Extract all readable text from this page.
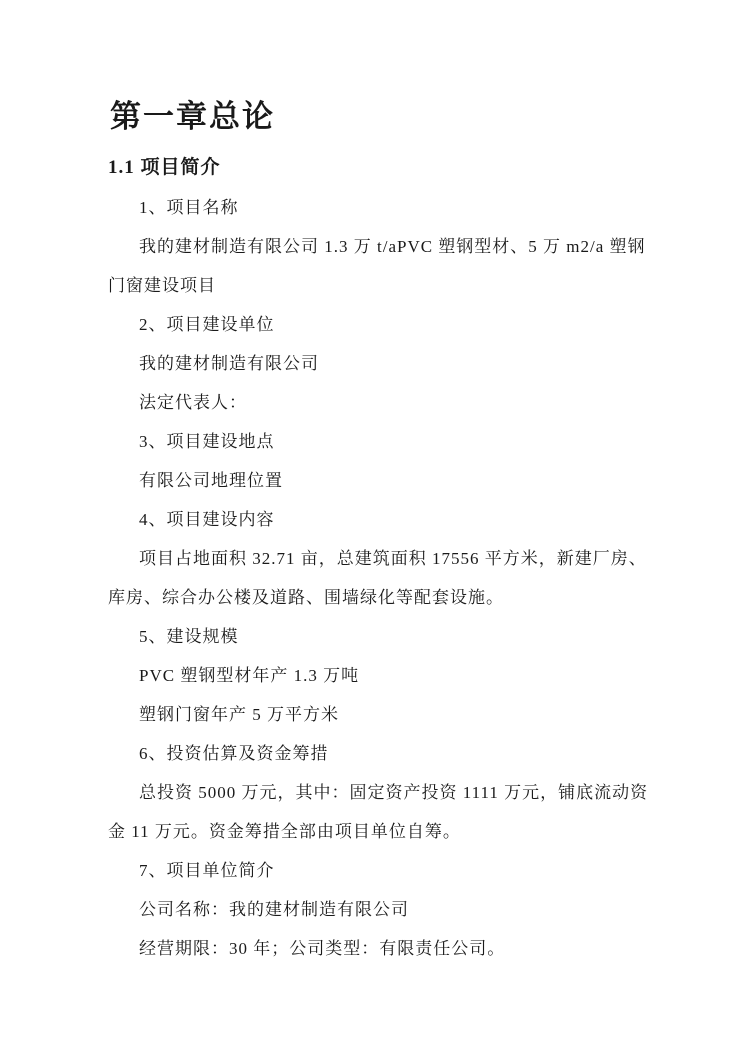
第一章总论
1.1 项目简介

1、项目名称

我的建材制造有限公司 1.3 万 t/aPVC 塑钢型材、5 万 m2/a 塑钢

门窗建设项目

2、项目建设单位

我的建材制造有限公司

法定代表人：

3、项目建设地点

有限公司地理位置

4、项目建设内容

项目占地面积 32.71 亩，总建筑面积 17556 平方米，新建厂房、

库房、综合办公楼及道路、围墙绿化等配套设施。

5、建设规模

PVC 塑钢型材年产 1.3 万吨

塑钢门窗年产 5 万平方米

6、投资估算及资金筹措

总投资 5000 万元，其中：固定资产投资 1111 万元，铺底流动资

金 11 万元。资金筹措全部由项目单位自筹。

7、项目单位简介

公司名称：我的建材制造有限公司

经营期限：30 年；公司类型：有限责任公司。
